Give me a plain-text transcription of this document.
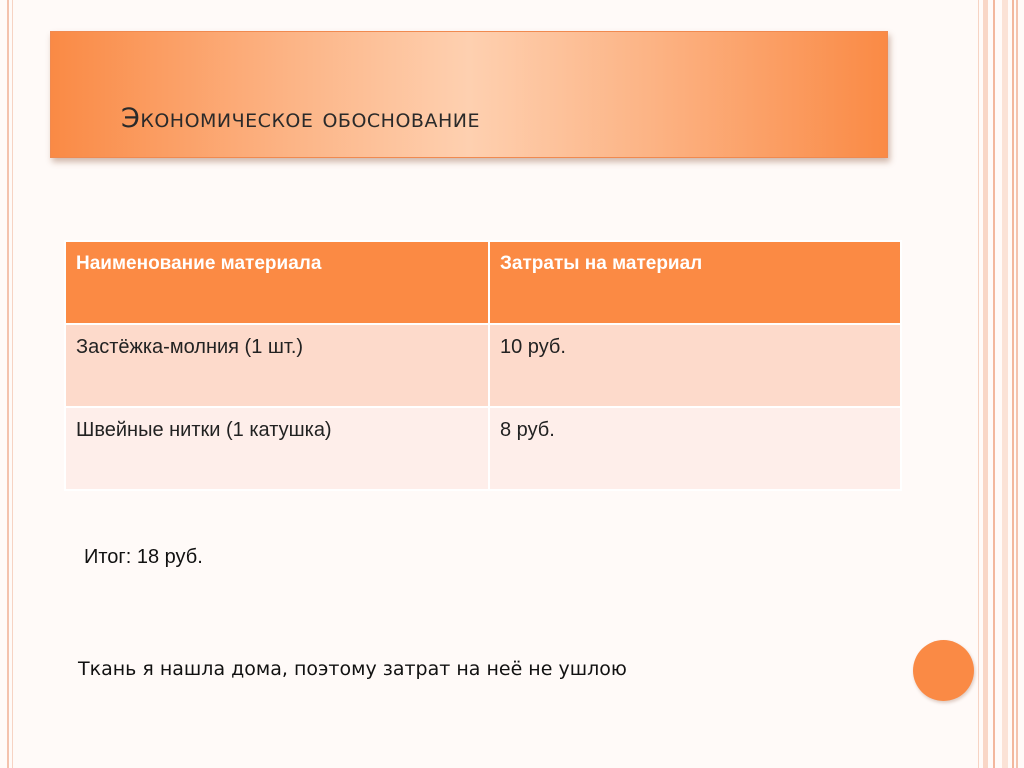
Экономическое обоснование
Наименование материала	Затраты на материал
Застёжка-молния (1 шт.)	10 руб.
Швейные нитки (1 катушка)	8 руб.

Итог: 18 руб.

Ткань я нашла дома, поэтому затрат на неё не ушлою
